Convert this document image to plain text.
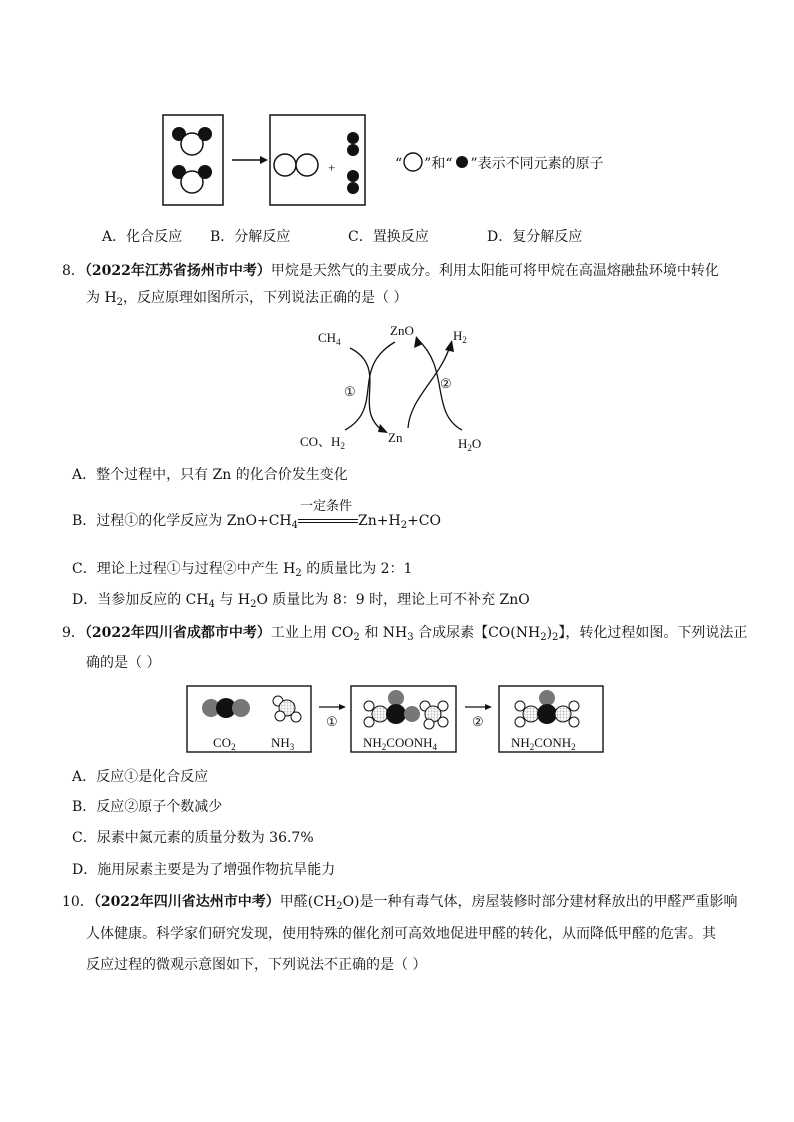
+	“ ”和“ ”表示不同元素的原子
A．化合反应 B．分解反应	C．置换反应	D．复分解反应
8．（2022年江苏省扬州市中考）甲烷是天然气的主要成分。利用太阳能可将甲烷在高温熔融盐环境中转化
为 $H_2$，反应原理如图所示，下列说法正确的是（ ）
$CH_4$
ZnO	$H_2$
①
②
CO、$H_2$
Zn	$H_2O$
A．整个过程中，只有 Zn 的化合价发生变化
B．过程①的化学反应为 $ZnO+CH_4$
一定条件
$Zn+H_2+CO$
C．理论上过程①与过程②中产生 $H_2$ 的质量比为 2：1
D．当参加反应的 $CH_4$ 与 $H_2O$ 质量比为 8：9 时，理论上可不补充 ZnO
9．（2022年四川省成都市中考）工业上用 $CO_2$ 和 $NH_3$ 合成尿素【$CO(NH_2)_2$】，转化过程如图。下列说法正
确的是（ ）
$CO_2$	$NH_3$
①
$NH_2COONH_4$
②
$NH_2CONH_2$
A．反应①是化合反应
B．反应②原子个数减少
C．尿素中氮元素的质量分数为 36.7%
D．施用尿素主要是为了增强作物抗旱能力
10．（2022年四川省达州市中考）甲醛$(CH_2O)$是一种有毒气体，房屋装修时部分建材释放出的甲醛严重影响
人体健康。科学家们研究发现，使用特殊的催化剂可高效地促进甲醛的转化，从而降低甲醛的危害。其
反应过程的微观示意图如下，下列说法不正确的是（ ）
